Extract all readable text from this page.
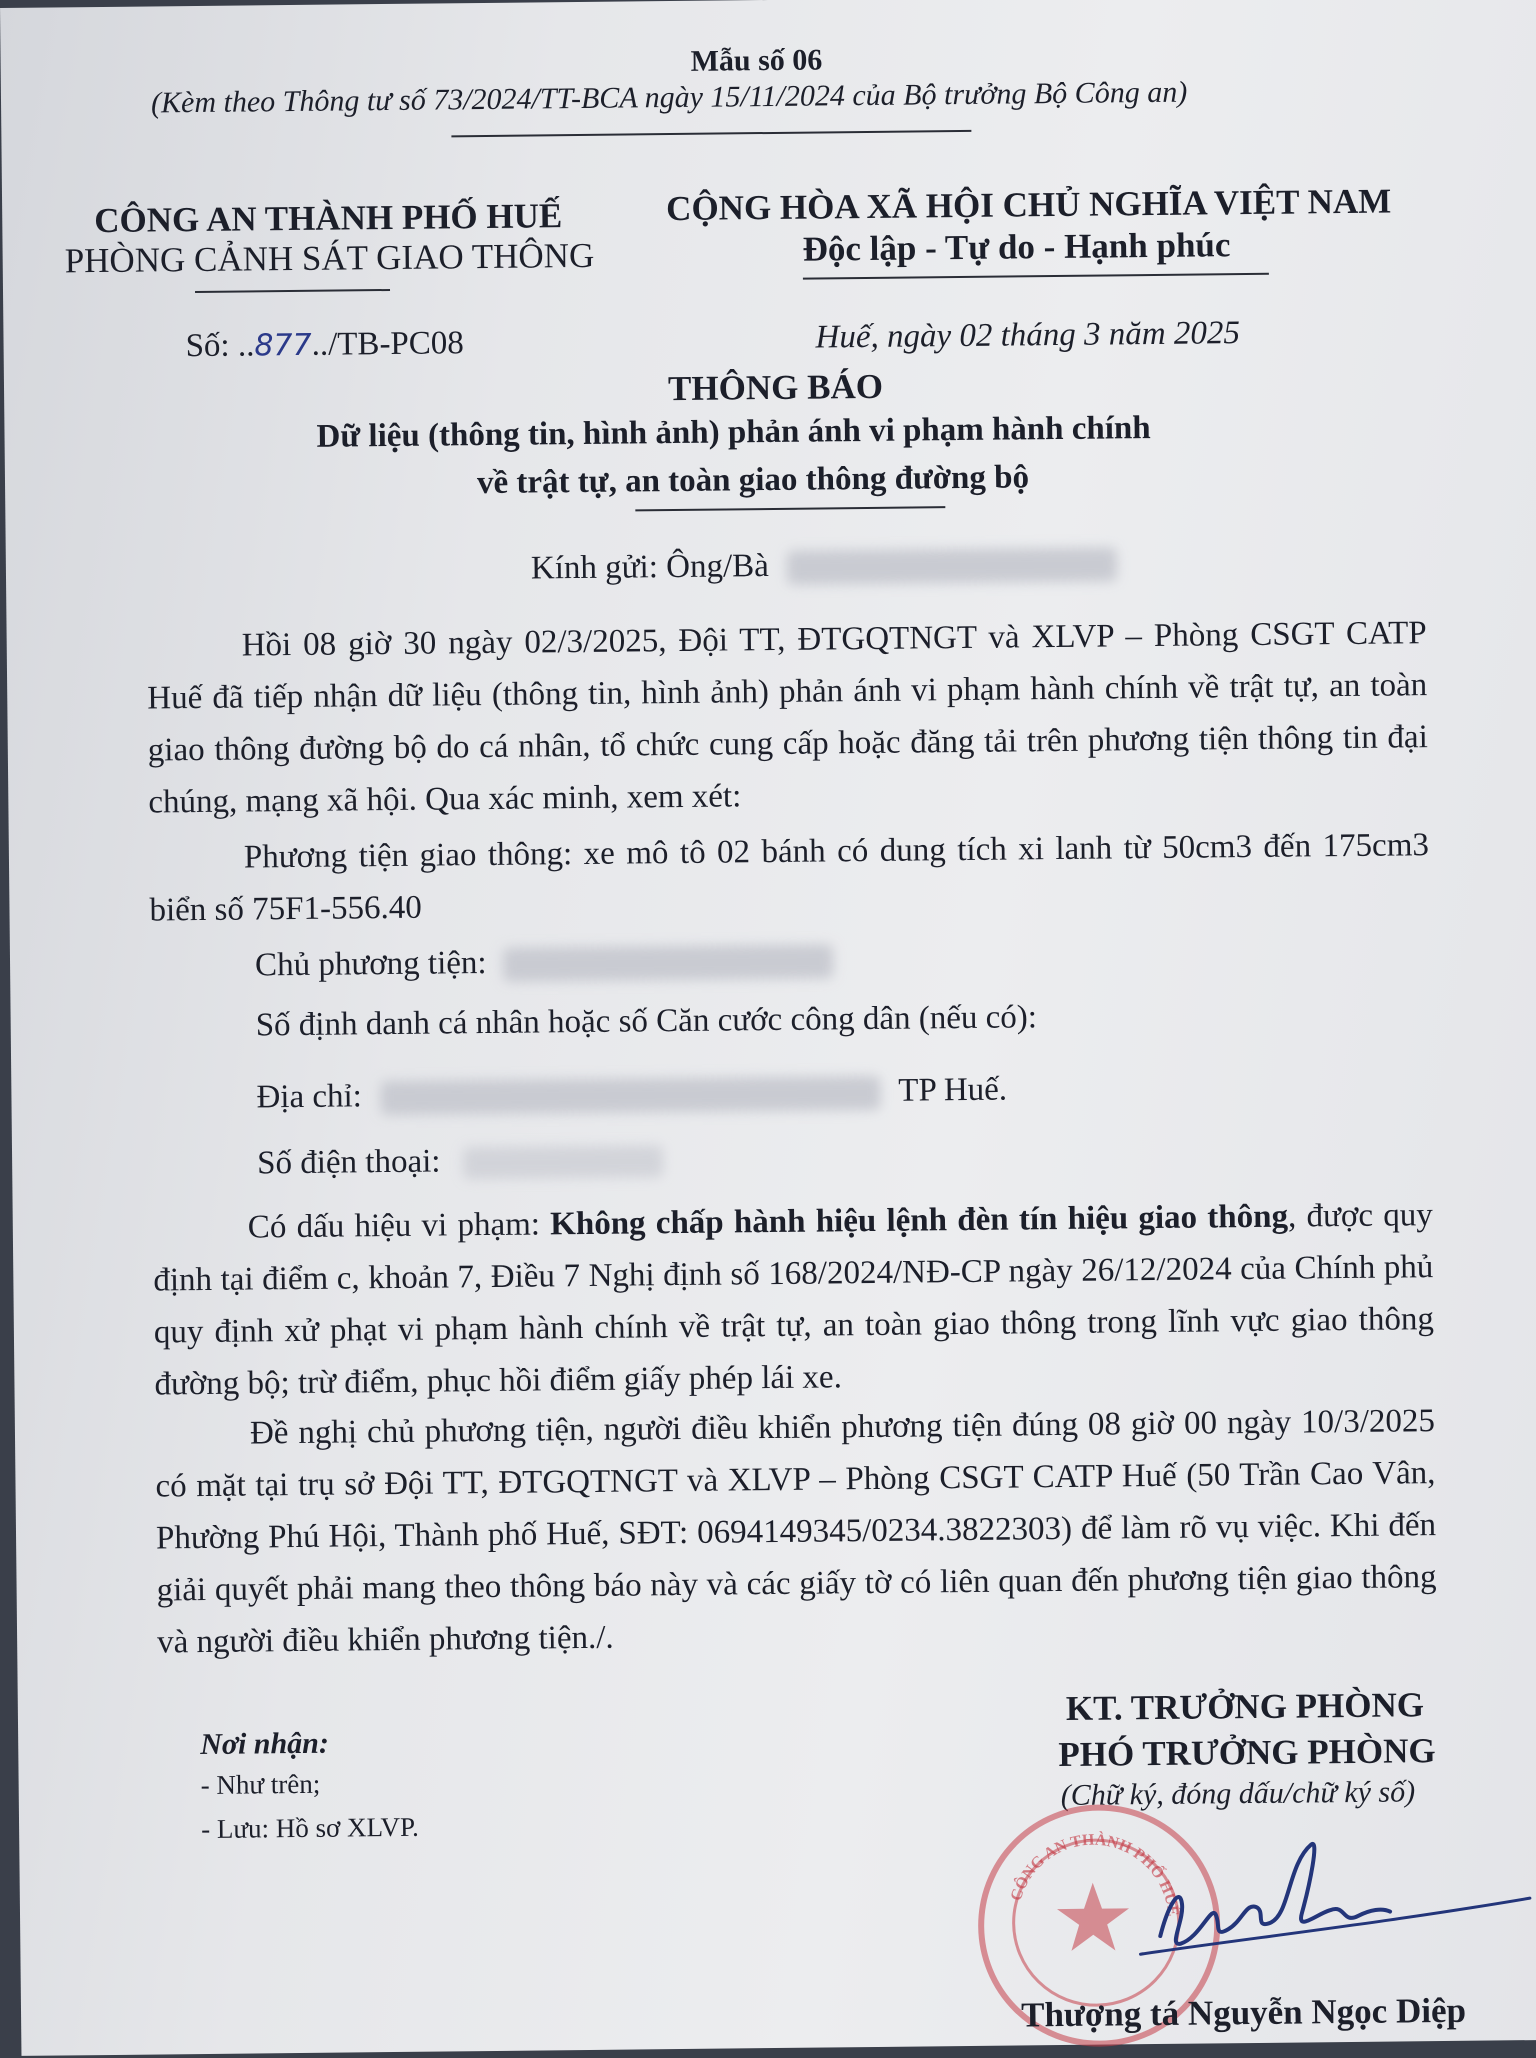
Mẫu số 06
(Kèm theo Thông tư số 73/2024/TT-BCA ngày 15/11/2024 của Bộ trưởng Bộ Công an)
CÔNG AN THÀNH PHỐ HUẾ
PHÒNG CẢNH SÁT GIAO THÔNG
CỘNG HÒA XÃ HỘI CHỦ NGHĨA VIỆT NAM
Độc lập - Tự do - Hạnh phúc
Số: ..877../TB-PC08	Huế, ngày 02 tháng 3 năm 2025
THÔNG BÁO
Dữ liệu (thông tin, hình ảnh) phản ánh vi phạm hành chính
về trật tự, an toàn giao thông đường bộ
Kính gửi: Ông/Bà
Hồi 08 giờ 30 ngày 02/3/2025, Đội TT, ĐTGQTNGT và XLVP – Phòng CSGT CATP Huế đã tiếp nhận dữ liệu (thông tin, hình ảnh) phản ánh vi phạm hành chính về trật tự, an toàn giao thông đường bộ do cá nhân, tổ chức cung cấp hoặc đăng tải trên phương tiện thông tin đại chúng, mạng xã hội. Qua xác minh, xem xét:
Phương tiện giao thông: xe mô tô 02 bánh có dung tích xi lanh từ 50cm3 đến 175cm3 biển số 75F1-556.40
Chủ phương tiện:
Số định danh cá nhân hoặc số Căn cước công dân (nếu có):
Địa chỉ:	TP Huế.
Số điện thoại:
Có dấu hiệu vi phạm: Không chấp hành hiệu lệnh đèn tín hiệu giao thông, được quy định tại điểm c, khoản 7, Điều 7 Nghị định số 168/2024/NĐ-CP ngày 26/12/2024 của Chính phủ quy định xử phạt vi phạm hành chính về trật tự, an toàn giao thông trong lĩnh vực giao thông đường bộ; trừ điểm, phục hồi điểm giấy phép lái xe.
Đề nghị chủ phương tiện, người điều khiển phương tiện đúng 08 giờ 00 ngày 10/3/2025 có mặt tại trụ sở Đội TT, ĐTGQTNGT và XLVP – Phòng CSGT CATP Huế (50 Trần Cao Vân, Phường Phú Hội, Thành phố Huế, SĐT: 0694149345/0234.3822303) để làm rõ vụ việc. Khi đến giải quyết phải mang theo thông báo này và các giấy tờ có liên quan đến phương tiện giao thông và người điều khiển phương tiện./.
Nơi nhận:
- Như trên;
- Lưu: Hồ sơ XLVP.
KT. TRƯỞNG PHÒNG
PHÓ TRƯỞNG PHÒNG
(Chữ ký, đóng dấu/chữ ký số)
CÔNG AN THÀNH PHỐ HUẾ
Thượng tá Nguyễn Ngọc Diệp
